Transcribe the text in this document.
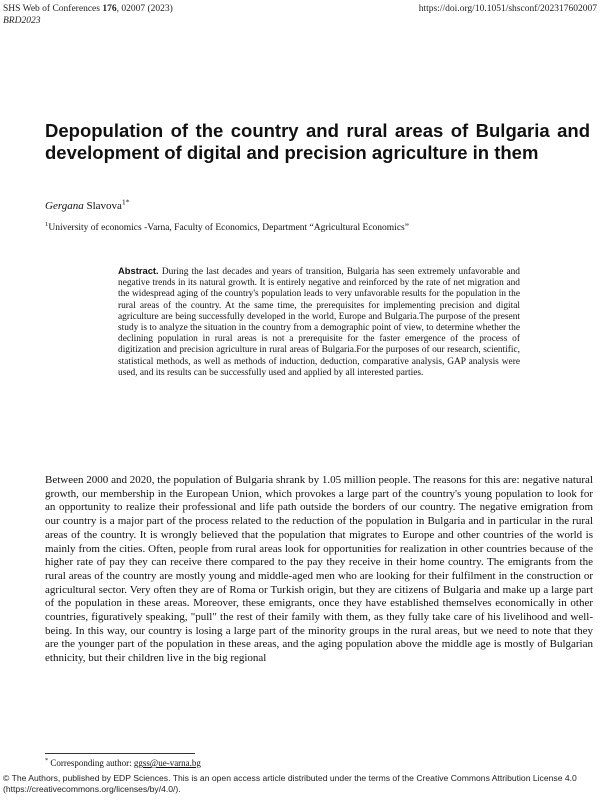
SHS Web of Conferences 176, 02007 (2023)	https://doi.org/10.1051/shsconf/202317602007
BRD2023
Depopulation of the country and rural areas of Bulgaria and development of digital and precision agriculture in them
Gergana Slavova$^{1*}$
$^1$University of economics -Varna, Faculty of Economics, Department “Agricultural Economics”

Abstract. During the last decades and years of transition, Bulgaria has seen extremely unfavorable and negative trends in its natural growth. It is entirely negative and reinforced by the rate of net migration and the widespread aging of the country's population leads to very unfavorable results for the population in the rural areas of the country. At the same time, the prerequisites for implementing precision and digital agriculture are being successfully developed in the world, Europe and Bulgaria.The purpose of the present study is to analyze the situation in the country from a demographic point of view, to determine whether the declining population in rural areas is not a prerequisite for the faster emergence of the process of digitization and precision agriculture in rural areas of Bulgaria.For the purposes of our research, scientific, statistical methods, as well as methods of induction, deduction, comparative analysis, GAP analysis were used, and its results can be successfully used and applied by all interested parties.

Between 2000 and 2020, the population of Bulgaria shrank by 1.05 million people. The reasons for this are: negative natural growth, our membership in the European Union, which provokes a large part of the country's young population to look for an opportunity to realize their professional and life path outside the borders of our country. The negative emigration from our country is a major part of the process related to the reduction of the population in Bulgaria and in particular in the rural areas of the country. It is wrongly believed that the population that migrates to Europe and other countries of the world is mainly from the cities. Often, people from rural areas look for opportunities for realization in other countries because of the higher rate of pay they can receive there compared to the pay they receive in their home country. The emigrants from the rural areas of the country are mostly young and middle-aged men who are looking for their fulfilment in the construction or agricultural sector. Very often they are of Roma or Turkish origin, but they are citizens of Bulgaria and make up a large part of the population in these areas. Moreover, these emigrants, once they have established themselves economically in other countries, figuratively speaking, "pull" the rest of their family with them, as they fully take care of his livelihood and well-being. In this way, our country is losing a large part of the minority groups in the rural areas, but we need to note that they are the younger part of the population in these areas, and the aging population above the middle age is mostly of Bulgarian ethnicity, but their children live in the big regional

* Corresponding author: ggss@ue-varna.bg
© The Authors, published by EDP Sciences. This is an open access article distributed under the terms of the Creative Commons Attribution License 4.0 (https://creativecommons.org/licenses/by/4.0/).
